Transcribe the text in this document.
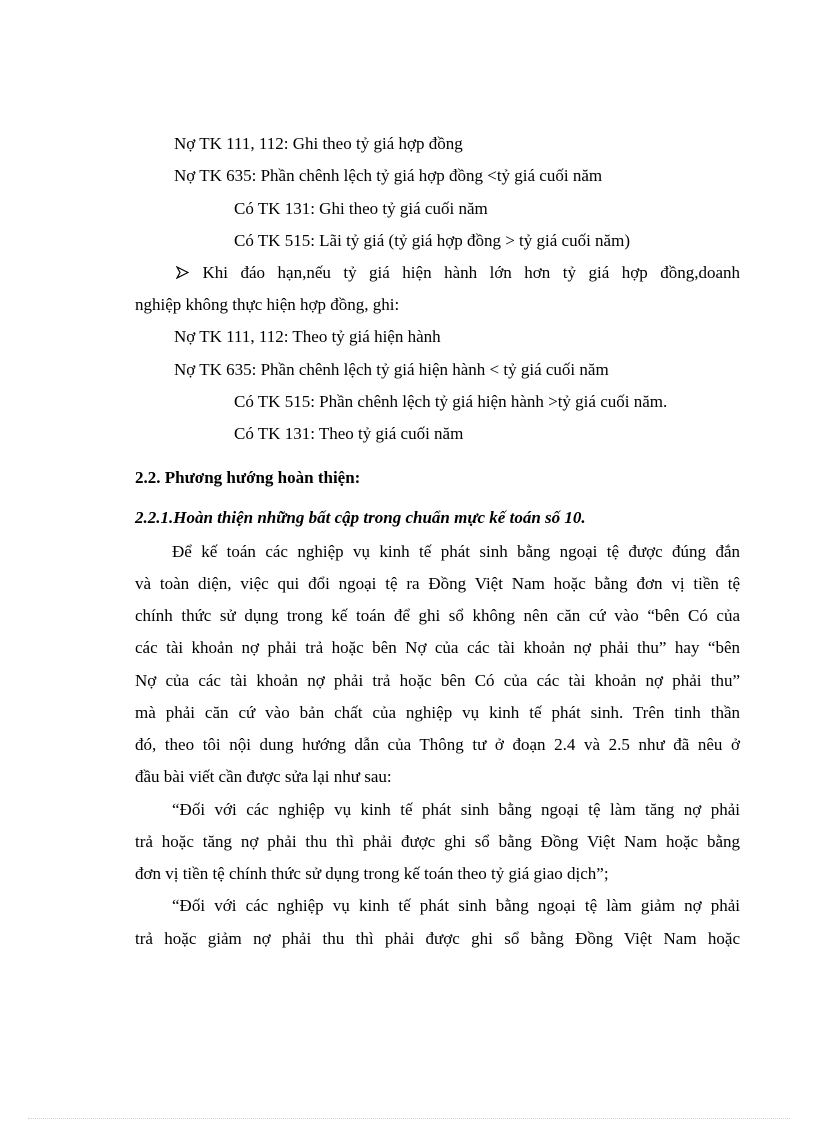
Nợ TK 111, 112: Ghi theo tỷ giá hợp đồng
Nợ TK 635: Phần chênh lệch tỷ giá hợp đồng <tỷ giá cuối năm
Có TK 131: Ghi theo tỷ giá cuối năm
Có TK 515: Lãi tỷ giá (tỷ giá hợp đồng > tỷ giá cuối năm)
Khi đáo hạn,nếu tỷ giá hiện hành lớn hơn tỷ giá hợp đồng,doanh
nghiệp không thực hiện hợp đồng, ghi:
Nợ TK 111, 112: Theo tỷ giá hiện hành
Nợ TK 635: Phần chênh lệch tỷ giá hiện hành < tỷ giá cuối năm
Có TK 515: Phần chênh lệch tỷ giá hiện hành >tỷ giá cuối năm.
Có TK 131: Theo tỷ giá cuối năm
2.2. Phương hướng hoàn thiện:
2.2.1.Hoàn thiện những bất cập trong chuẩn mực kế toán số 10.
Để kế toán các nghiệp vụ kinh tế phát sinh bằng ngoại tệ được đúng đắn
và toàn diện, việc qui đổi ngoại tệ ra Đồng Việt Nam hoặc bằng đơn vị tiền tệ
chính thức sử dụng trong kế toán để ghi sổ không nên căn cứ vào “bên Có của
các tài khoản nợ phải trả hoặc bên Nợ của các tài khoản nợ phải thu” hay “bên
Nợ của các tài khoản nợ phải trả hoặc bên Có của các tài khoản nợ phải thu”
mà phải căn cứ vào bản chất của nghiệp vụ kinh tế phát sinh. Trên tinh thần
đó, theo tôi nội dung hướng dẫn của Thông tư ở đoạn 2.4 và 2.5 như đã nêu ở
đầu bài viết cần được sửa lại như sau:
“Đối với các nghiệp vụ kinh tế phát sinh bằng ngoại tệ làm tăng nợ phải
trả hoặc tăng nợ phải thu thì phải được ghi sổ bằng Đồng Việt Nam hoặc bằng
đơn vị tiền tệ chính thức sử dụng trong kế toán theo tỷ giá giao dịch”;
“Đối với các nghiệp vụ kinh tế phát sinh bằng ngoại tệ làm giảm nợ phải
trả hoặc giảm nợ phải thu thì phải được ghi sổ bằng Đồng Việt Nam hoặc
